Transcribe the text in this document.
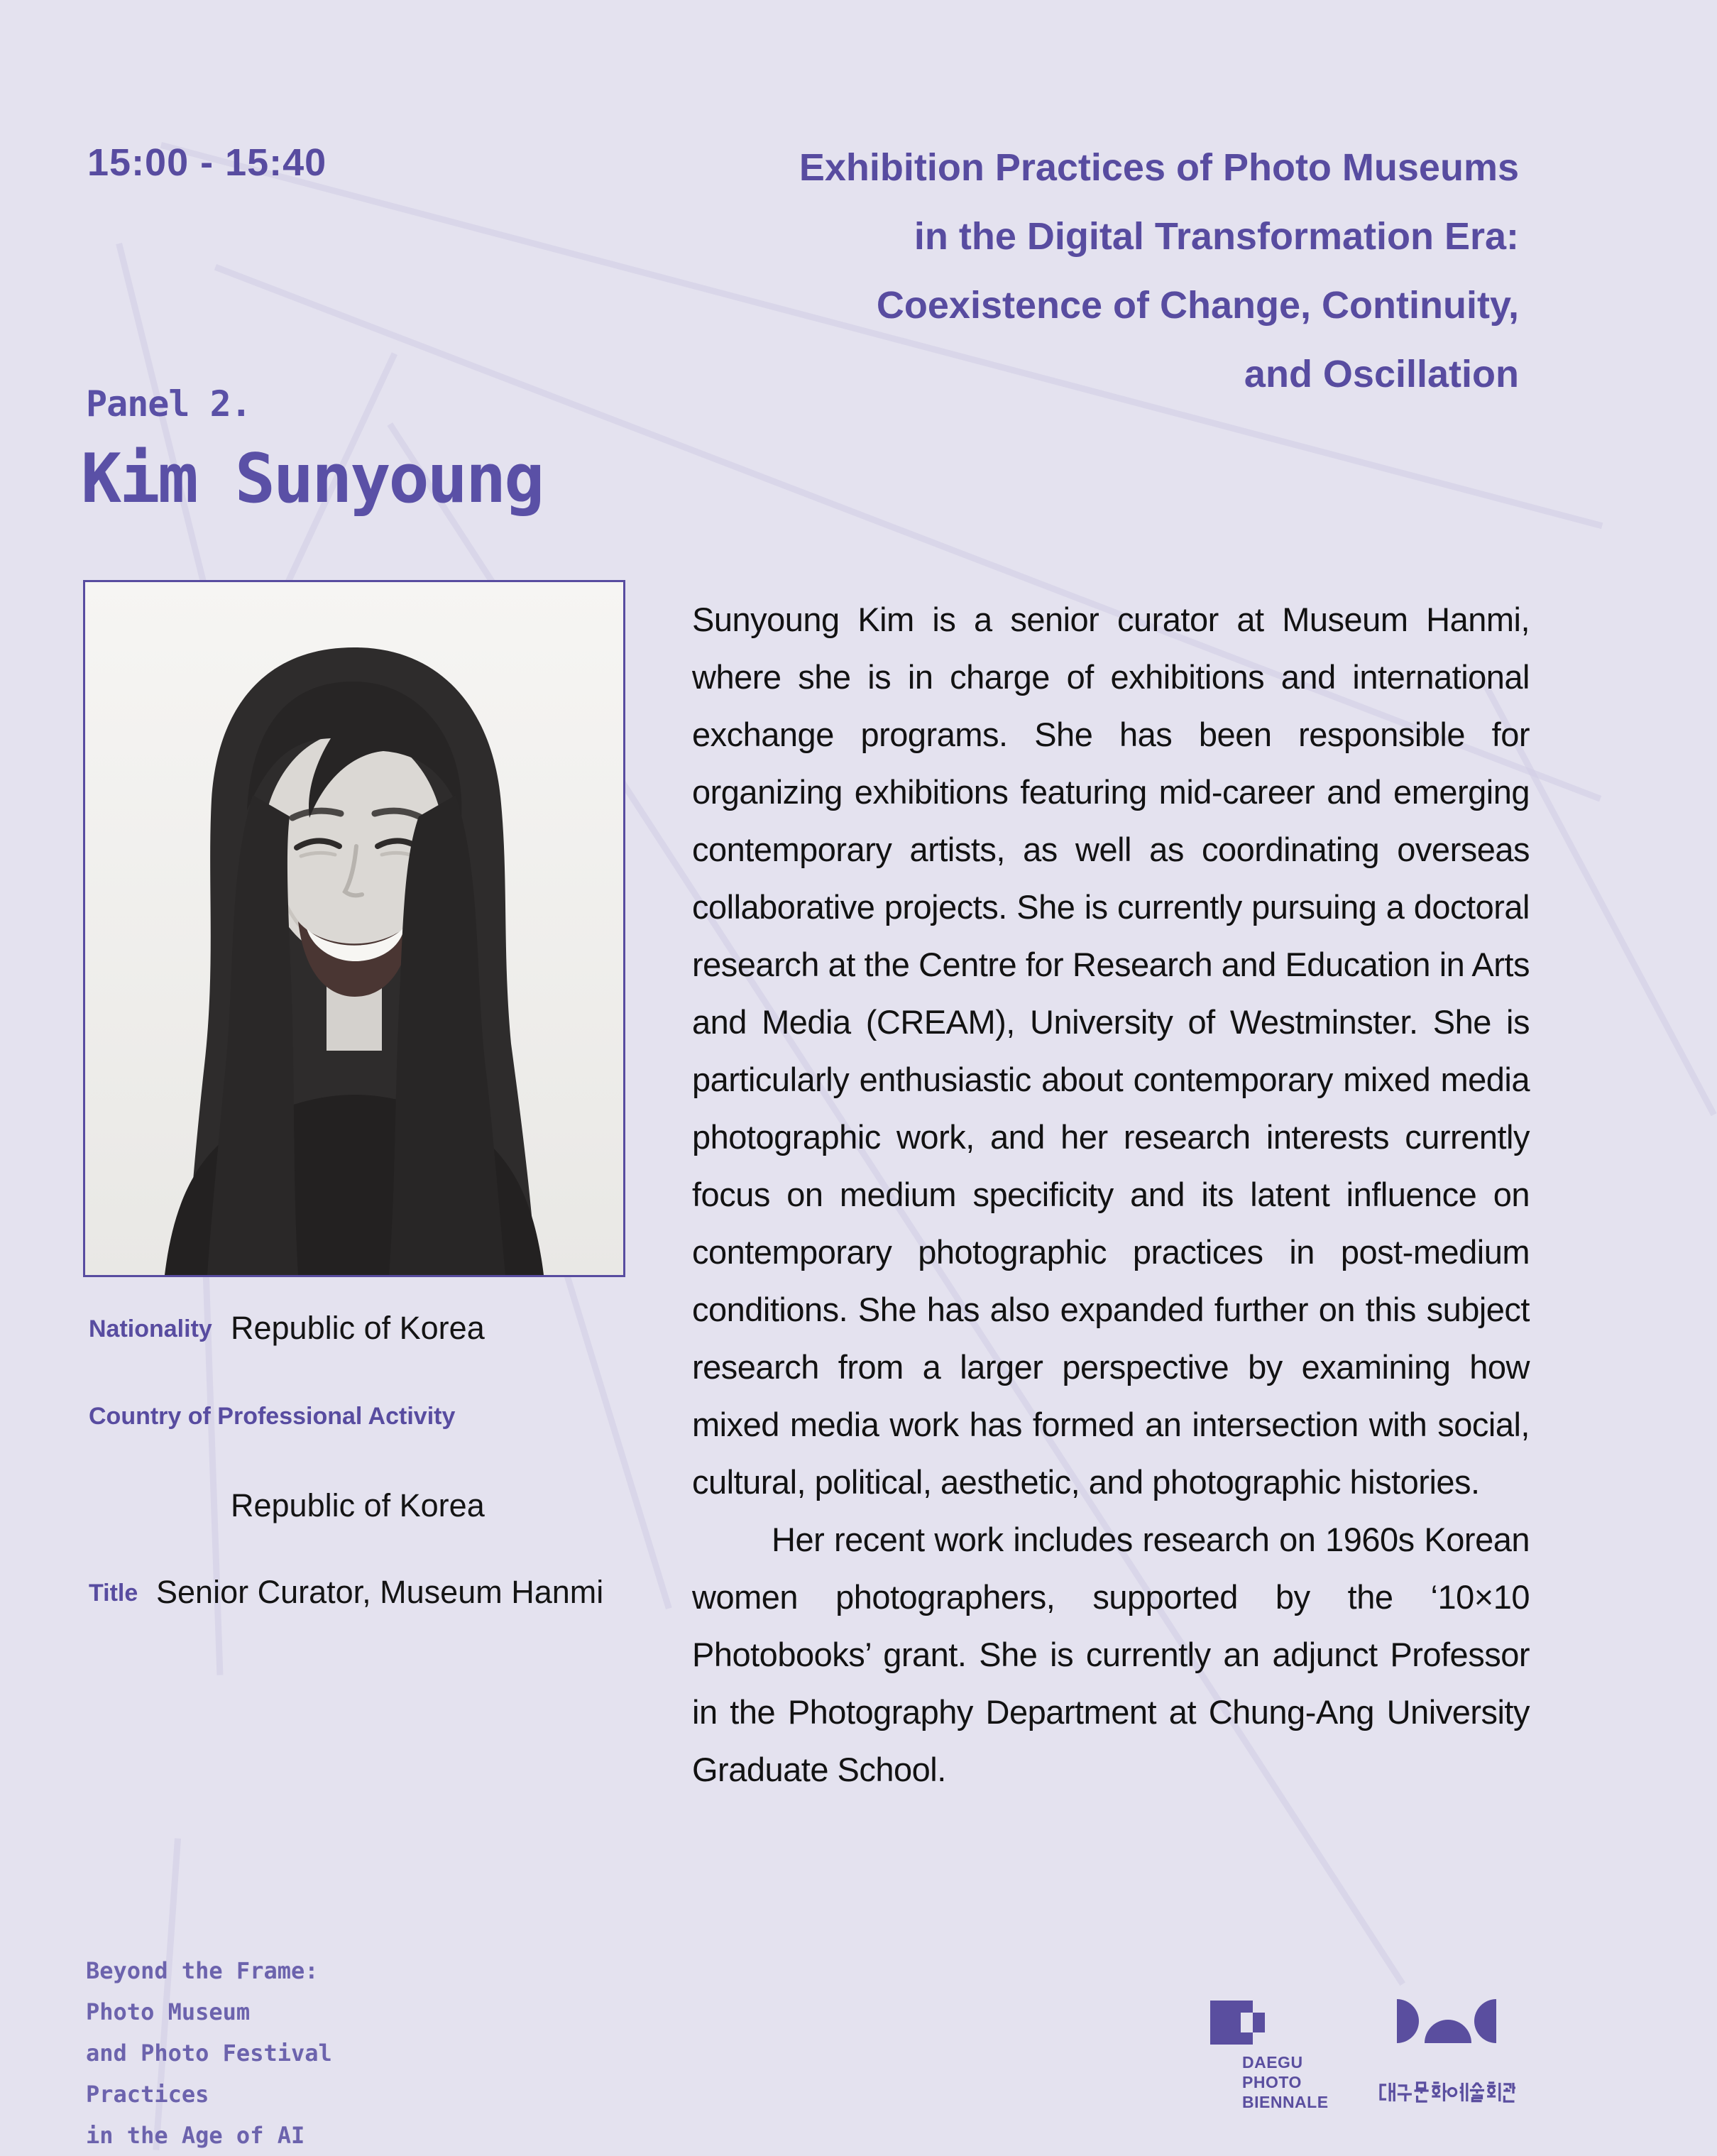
15:00 - 15:40	Exhibition Practices of Photo Museums
in the Digital Transformation Era:
Coexistence of Change, Continuity,
and Oscillation
Panel 2.
Kim Sunyoung
Nationality Republic of Korea
Country of Professional Activity
Republic of Korea
Title Senior Curator, Museum Hanmi

Sunyoung Kim is a senior curator at Museum Hanmi, where she is in charge of exhibitions and international exchange programs. She has been responsible for organizing exhibitions featuring mid-career and emerging contemporary artists, as well as coordinating overseas collaborative projects. She is currently pursuing a doctoral research at the Centre for Research and Education in Arts and Media (CREAM), University of Westminster. She is particularly enthusiastic about contemporary mixed media photographic work, and her research interests currently focus on medium specificity and its latent influence on contemporary photographic practices in post-medium conditions. She has also expanded further on this subject research from a larger perspective by examining how mixed media work has formed an intersection with social, cultural, political, aesthetic, and photographic histories.

Her recent work includes research on 1960s Korean women photographers, supported by the ‘10×10 Photobooks’ grant. She is currently an adjunct Professor in the Photography Department at Chung-Ang University Graduate School.

Beyond the Frame:
Photo Museum
and Photo Festival
Practices
in the Age of AI
DAEGU
PHOTO
BIENNALE
